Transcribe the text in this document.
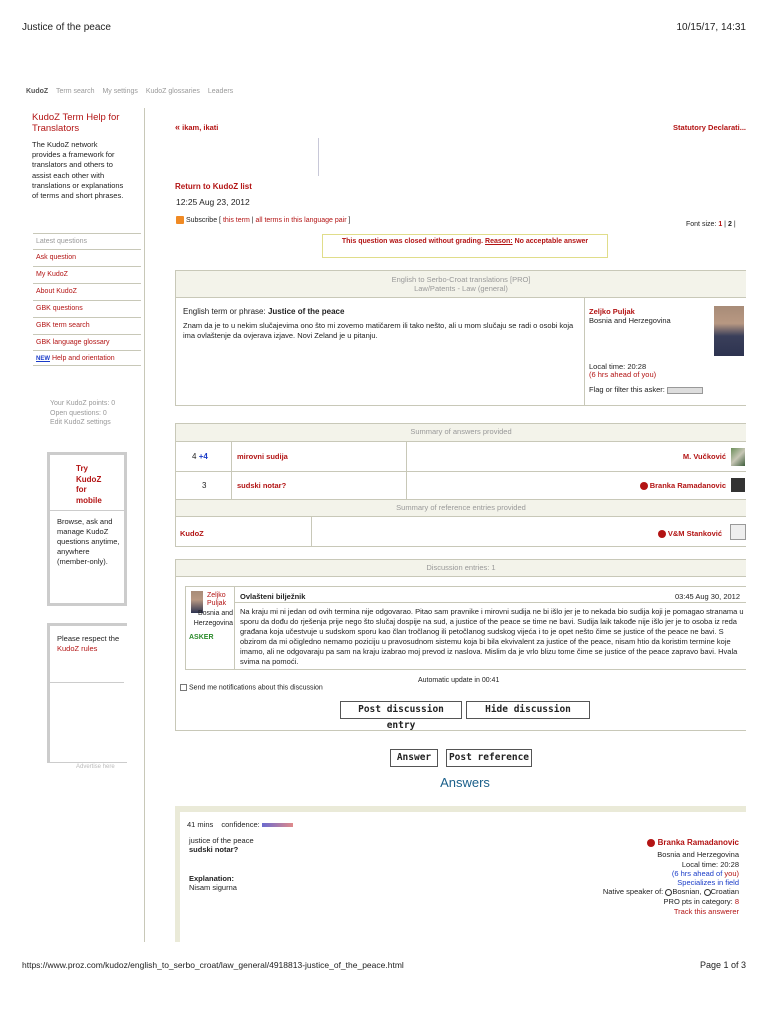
Justice of the peace	10/15/17, 14:31
KudoZ Term search My settings KudoZ glossaries Leaders
KudoZ Term Help for Translators
The KudoZ network provides a framework for translators and others to assist each other with translations or explanations of terms and short phrases.
Latest questions
Ask question
My KudoZ
About KudoZ
GBK questions
GBK term search
GBK language glossary
NEW Help and orientation
Your KudoZ points: 0
Open questions: 0
Edit KudoZ settings
Try KudoZ for mobile
Browse, ask and manage KudoZ questions anytime, anywhere (member-only).
Please respect the KudoZ rules
Advertise here
« ikam, ikati	Statutory Declarati...
Return to KudoZ list
12:25 Aug 23, 2012
Subscribe [ this term | all terms in this language pair ]
Font size: 1 | 2 |
This question was closed without grading. Reason: No acceptable answer
English to Serbo-Croat translations [PRO]
Law/Patents - Law (general)
English term or phrase: Justice of the peace
Znam da je to u nekim slučajevima ono što mi zovemo matičarem ili tako nešto, ali u mom slučaju se radi o osobi koja ima ovlaštenje da ovjerava izjave. Novi Zeland je u pitanju.
Zeljko Puljak
Bosnia and Herzegovina
Local time: 20:28
(6 hrs ahead of you)
Flag or filter this asker:
Summary of answers provided
4 +4	mirovni sudija	M. Vučković
3	sudski notar?	Branka Ramadanovic
Summary of reference entries provided
KudoZ	V&M Stanković
Discussion entries: 1
Zeljko
Puljak
Bosnia and Herzegovina
ASKER
Ovlašteni bilježnik	03:45 Aug 30, 2012
Na kraju mi ni jedan od ovih termina nije odgovarao. Pitao sam pravnike i mirovni sudija ne bi išlo jer je to nekada bio sudija koji je pomagao stranama u sporu da dođu do rješenja prije nego što slučaj dospije na sud, a justice of the peace se time ne bavi. Sudija laik takođe nije išlo jer je to osoba iz reda građana koja učestvuje u sudskom sporu kao član tročlanog ili petočlanog sudskog vijeća i to je opet nešto čime se justice of the peace ne bavi. S obzirom da mi očigledno nemamo poziciju u pravosudnom sistemu koja bi bila ekvivalent za justice of the peace, nisam htio da koristim termine koje imamo, ali ne odgovaraju pa sam na kraju izabrao moj prevod iz naslova. Mislim da je vrlo blizu tome čime se justice of the peace zapravo bavi. Hvala svima na pomoći.
Automatic update in 00:41
Send me notifications about this discussion
Post discussion entry
Hide discussion
Answer	Post reference
Answers
41 mins confidence:
justice of the peace
sudski notar?
Explanation:
Nisam sigurna
Branka Ramadanovic
Bosnia and Herzegovina
Local time: 20:28
(6 hrs ahead of you)
Specializes in field
Native speaker of: Bosnian, Croatian
PRO pts in category: 8
Track this answerer
https://www.proz.com/kudoz/english_to_serbo_croat/law_general/4918813-justice_of_the_peace.html	Page 1 of 3
